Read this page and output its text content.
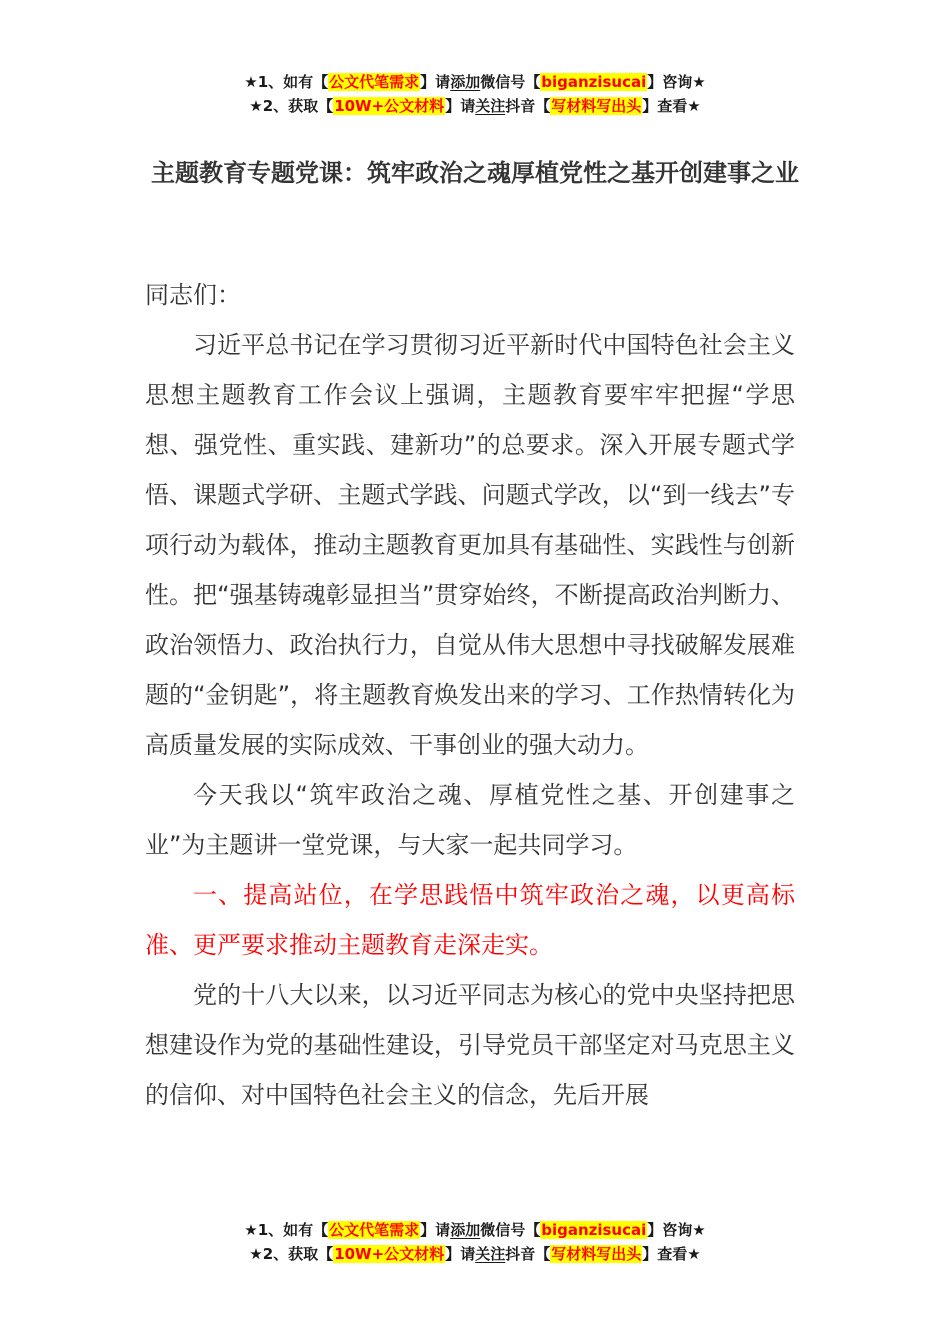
★1、如有【公文代笔需求】请添加微信号【biganzisucai】咨询★
★2、获取【10W+公文材料】请关注抖音【写材料写出头】查看★
主题教育专题党课：筑牢政治之魂厚植党性之基开创建事之业

同志们：

习近平总书记在学习贯彻习近平新时代中国特色社会主义思想主题教育工作会议上强调，主题教育要牢牢把握“学思想、强党性、重实践、建新功”的总要求。深入开展专题式学悟、课题式学研、主题式学践、问题式学改，以“到一线去”专项行动为载体，推动主题教育更加具有基础性、实践性与创新性。把“强基铸魂彰显担当”贯穿始终，不断提高政治判断力、政治领悟力、政治执行力，自觉从伟大思想中寻找破解发展难题的“金钥匙”，将主题教育焕发出来的学习、工作热情转化为高质量发展的实际成效、干事创业的强大动力。

今天我以“筑牢政治之魂、厚植党性之基、开创建事之业”为主题讲一堂党课，与大家一起共同学习。

一、提高站位，在学思践悟中筑牢政治之魂，以更高标准、更严要求推动主题教育走深走实。

党的十八大以来，以习近平同志为核心的党中央坚持把思想建设作为党的基础性建设，引导党员干部坚定对马克思主义的信仰、对中国特色社会主义的信念，先后开展

★1、如有【公文代笔需求】请添加微信号【biganzisucai】咨询★
★2、获取【10W+公文材料】请关注抖音【写材料写出头】查看★
